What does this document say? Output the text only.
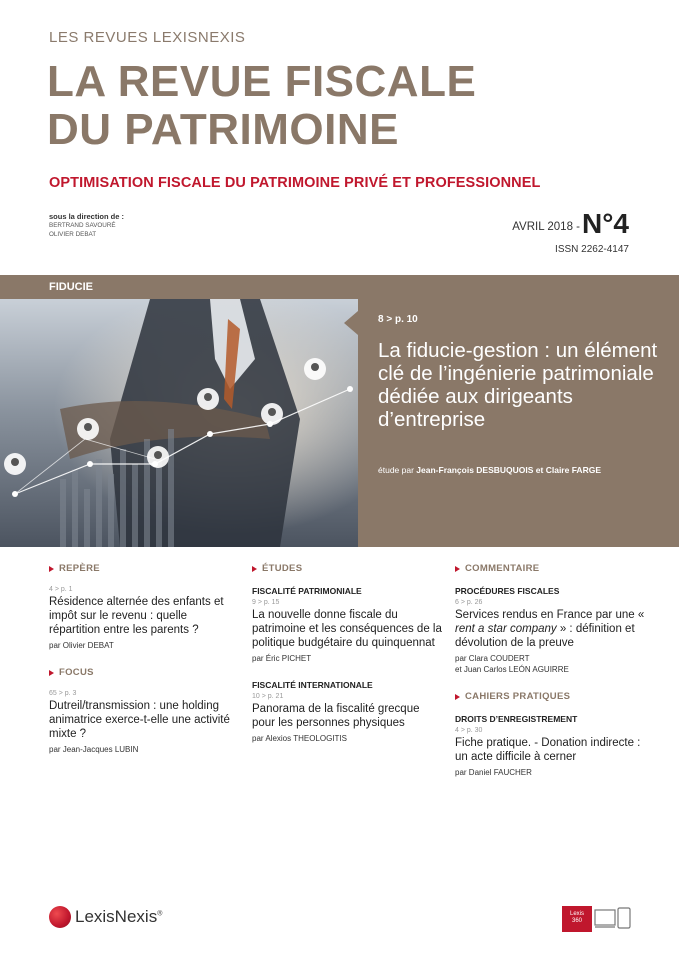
LES REVUES LEXISNEXIS
LA REVUE FISCALE
DU PATRIMOINE
OPTIMISATION FISCALE DU PATRIMOINE PRIVÉ ET PROFESSIONNEL
sous la direction de :
BERTRAND SAVOURÉ
OLIVIER DEBAT
AVRIL 2018 - N°4
ISSN 2262-4147
FIDUCIE
8 > p. 10
La fiducie-gestion : un élément clé de l’ingénierie patrimoniale dédiée aux dirigeants d’entreprise
étude par Jean-François DESBUQUOIS et Claire FARGE
REPÈRE
4 > p. 1
Résidence alternée des enfants et impôt sur le revenu : quelle répartition entre les parents ?
par Olivier DEBAT
FOCUS
65 > p. 3
Dutreil/transmission : une holding animatrice exerce-t-elle une activité mixte ?
par Jean-Jacques LUBIN
ÉTUDES
FISCALITÉ PATRIMONIALE
9 > p. 15
La nouvelle donne fiscale du patrimoine et les conséquences de la politique budgétaire du quinquennat
par Éric PICHET
FISCALITÉ INTERNATIONALE
10 > p. 21
Panorama de la fiscalité grecque pour les personnes physiques
par Alexios THEOLOGITIS
COMMENTAIRE
PROCÉDURES FISCALES
6 > p. 26
Services rendus en France par une « rent a star company » : définition et dévolution de la preuve
par Clara COUDERT
et Juan Carlos LEÓN AGUIRRE
CAHIERS PRATIQUES
DROITS D’ENREGISTREMENT
4 > p. 30
Fiche pratique. - Donation indirecte : un acte difficile à cerner
par Daniel FAUCHER
LexisNexis®	Lexis
360
